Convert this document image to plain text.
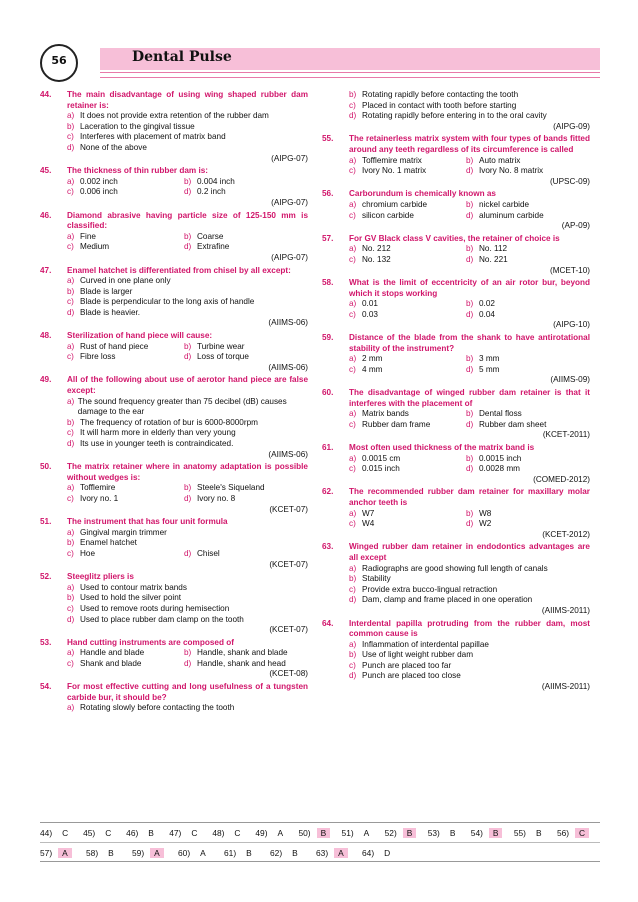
56	Dental Pulse
44. The main disadvantage of using wing shaped rubber dam retainer is:
a) It does not provide extra retention of the rubber dam
b) Laceration to the gingival tissue
c) Interferes with placement of matrix band
d) None of the above
(AIPG-07)
45. The thickness of thin rubber dam is:
a) 0.002 inch	b) 0.004 inch
c) 0.006 inch	d) 0.2 inch
(AIPG-07)
46. Diamond abrasive having particle size of 125-150 mm is classified:
a) Fine	b) Coarse
c) Medium	d) Extrafine
(AIPG-07)
47. Enamel hatchet is differentiated from chisel by all except:
a) Curved in one plane only
b) Blade is larger
c) Blade is perpendicular to the long axis of handle
d) Blade is heavier.
(AIIMS-06)
48. Sterilization of hand piece will cause:
a) Rust of hand piece	b) Turbine wear
c) Fibre loss	d) Loss of torque
(AIIMS-06)
49. All of the following about use of aerotor hand piece are false except:
a) The sound frequency greater than 75 decibel (dB) causes damage to the ear
b) The frequency of rotation of bur is 6000-8000rpm
c) It will harm more in elderly than very young
d) Its use in younger teeth is contraindicated.
(AIIMS-06)
50. The matrix retainer where in anatomy adaptation is possible without wedges is:
a) Tofflemire	b) Steele's Siqueland
c) Ivory no. 1	d) Ivory no. 8
(KCET-07)
51. The instrument that has four unit formula
a) Gingival margin trimmer
b) Enamel hatchet
c) Hoe	d) Chisel
(KCET-07)
52. Steeglitz pliers is
a) Used to contour matrix bands
b) Used to hold the silver point
c) Used to remove roots during hemisection
d) Used to place rubber dam clamp on the tooth
(KCET-07)
53. Hand cutting instruments are composed of
a) Handle and blade	b) Handle, shank and blade
c) Shank and blade	d) Handle, shank and head
(KCET-08)
54. For most effective cutting and long usefulness of a tungsten carbide bur, it should be?
a) Rotating slowly before contacting the tooth
b) Rotating rapidly before contacting the tooth
c) Placed in contact with tooth before starting
d) Rotating rapidly before entering in to the oral cavity
(AIPG-09)
55. The retainerless matrix system with four types of bands fitted around any teeth regardless of its circumference is called
a) Tofflemire matrix	b) Auto matrix
c) Ivory No. 1 matrix	d) Ivory No. 8 matrix
(UPSC-09)
56. Carborundum is chemically known as
a) chromium carbide	b) nickel carbide
c) silicon carbide	d) aluminum carbide
(AP-09)
57. For GV Black class V cavities, the retainer of choice is
a) No. 212	b) No. 112
c) No. 132	d) No. 221
(MCET-10)
58. What is the limit of eccentricity of an air rotor bur, beyond which it stops working
a) 0.01	b) 0.02
c) 0.03	d) 0.04
(AIPG-10)
59. Distance of the blade from the shank to have antirotational stability of the instrument?
a) 2 mm	b) 3 mm
c) 4 mm	d) 5 mm
(AIIMS-09)
60. The disadvantage of winged rubber dam retainer is that it interferes with the placement of
a) Matrix bands	b) Dental floss
c) Rubber dam frame	d) Rubber dam sheet
(KCET-2011)
61. Most often used thickness of the matrix band is
a) 0.0015 cm	b) 0.0015 inch
c) 0.015 inch	d) 0.0028 mm
(COMED-2012)
62. The recommended rubber dam retainer for maxillary molar anchor teeth is
a) W7	b) W8
c) W4	d) W2
(KCET-2012)
63. Winged rubber dam retainer in endodontics advantages are all except
a) Radiographs are good showing full length of canals
b) Stability
c) Provide extra bucco-lingual retraction
d) Dam, clamp and frame placed in one operation
(AIIMS-2011)
64. Interdental papilla protruding from the rubber dam, most common cause is
a) Inflammation of interdental papillae
b) Use of light weight rubber dam
c) Punch are placed too far
d) Punch are placed too close
(AIIMS-2011)
44)	C	45)	C	46)	B	47)	C	48)	C	49)	A	50)	B	51)	A	52)	B	53)	B	54)	B	55)	B	56)	C
57)	A	58)	B	59)	A	60)	A	61)	B	62)	B	63)	A	64)	D
